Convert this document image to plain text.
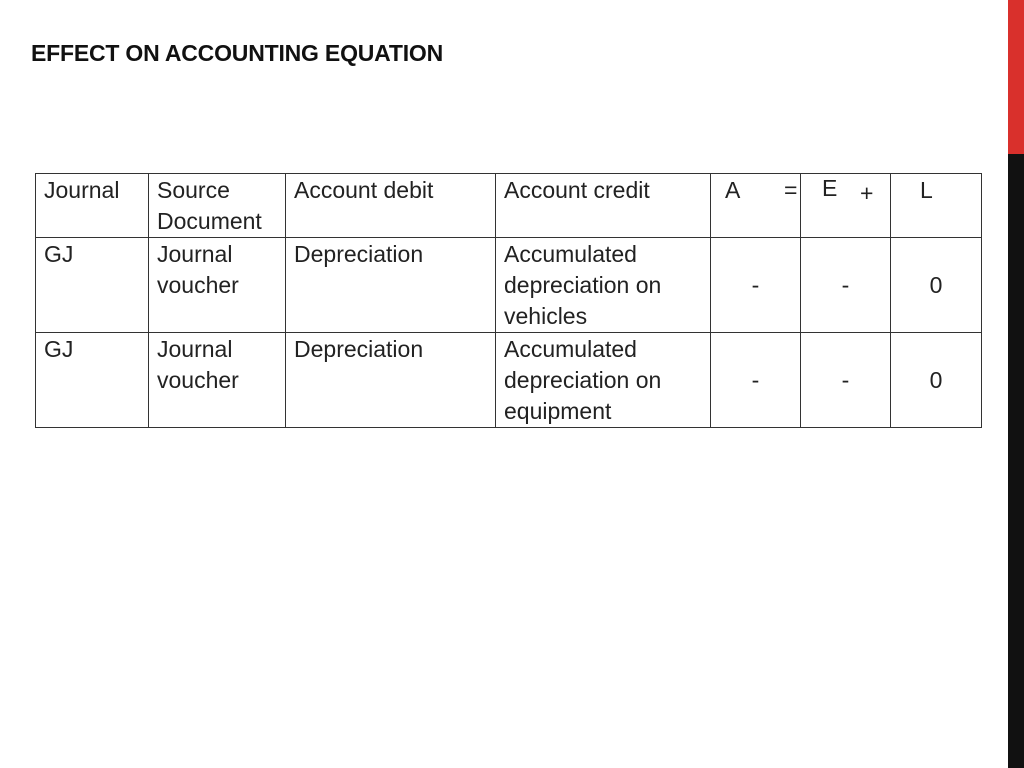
EFFECT ON ACCOUNTING EQUATION
Journal	Source Document	Account debit	Account credit	A =	E +	L

GJ	Journal voucher	Depreciation	Accumulated depreciation on vehicles	-	-	0
GJ	Journal voucher	Depreciation	Accumulated depreciation on equipment	-	-	0
